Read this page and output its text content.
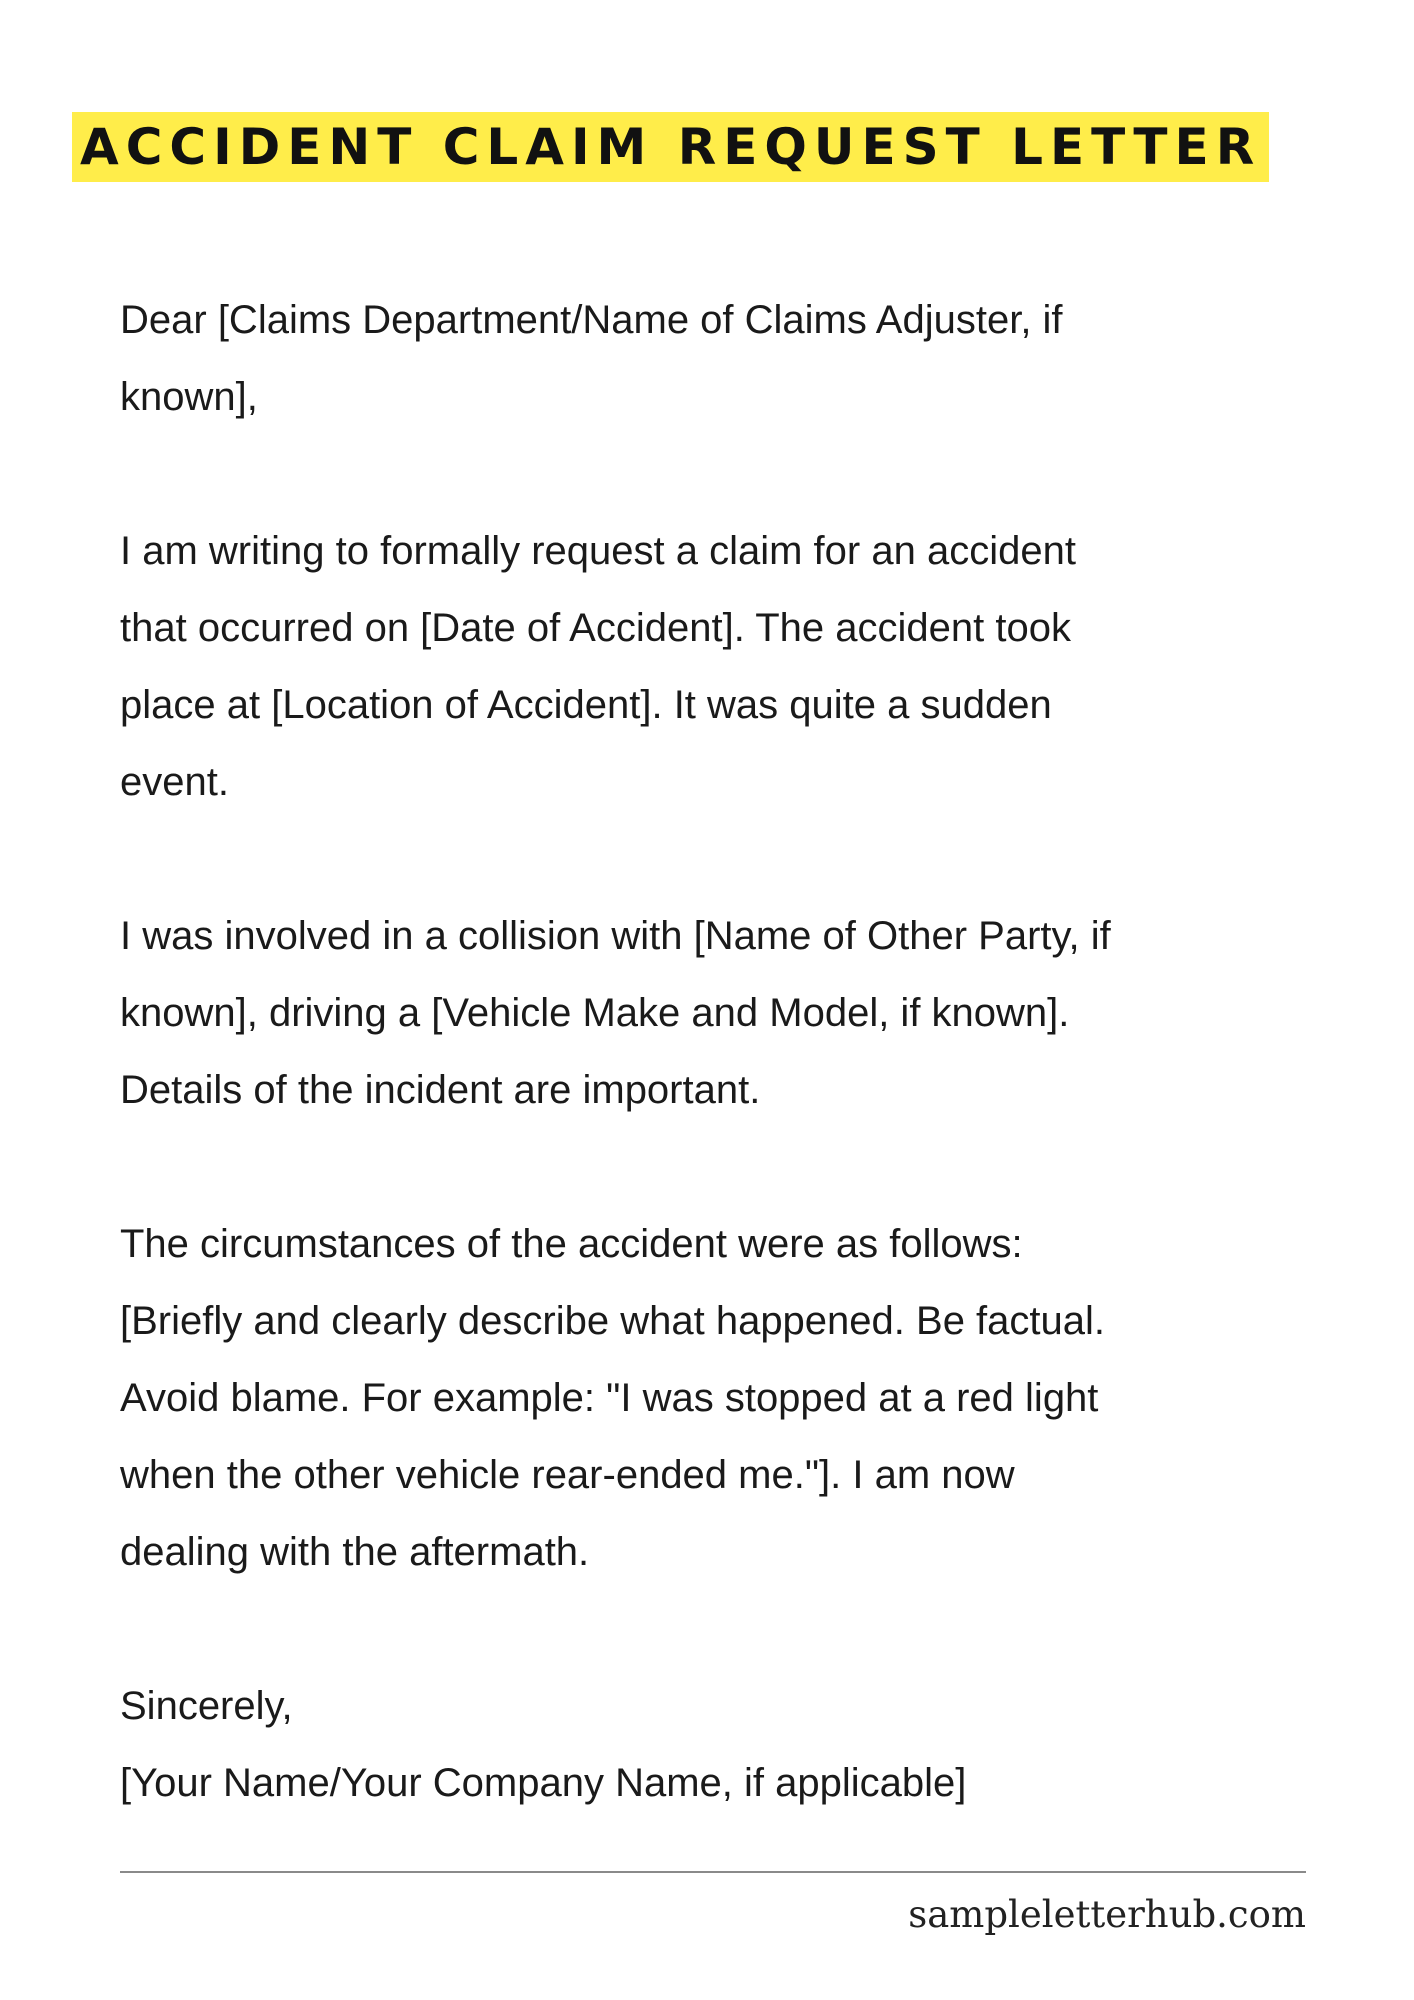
ACCIDENT CLAIM REQUEST LETTER

Dear [Claims Department/Name of Claims Adjuster, if
known],

I am writing to formally request a claim for an accident
that occurred on [Date of Accident]. The accident took
place at [Location of Accident]. It was quite a sudden
event.

I was involved in a collision with [Name of Other Party, if
known], driving a [Vehicle Make and Model, if known].
Details of the incident are important.

The circumstances of the accident were as follows:
[Briefly and clearly describe what happened. Be factual.
Avoid blame. For example: "I was stopped at a red light
when the other vehicle rear-ended me."]. I am now
dealing with the aftermath.

Sincerely,
[Your Name/Your Company Name, if applicable]
sampleletterhub.com
